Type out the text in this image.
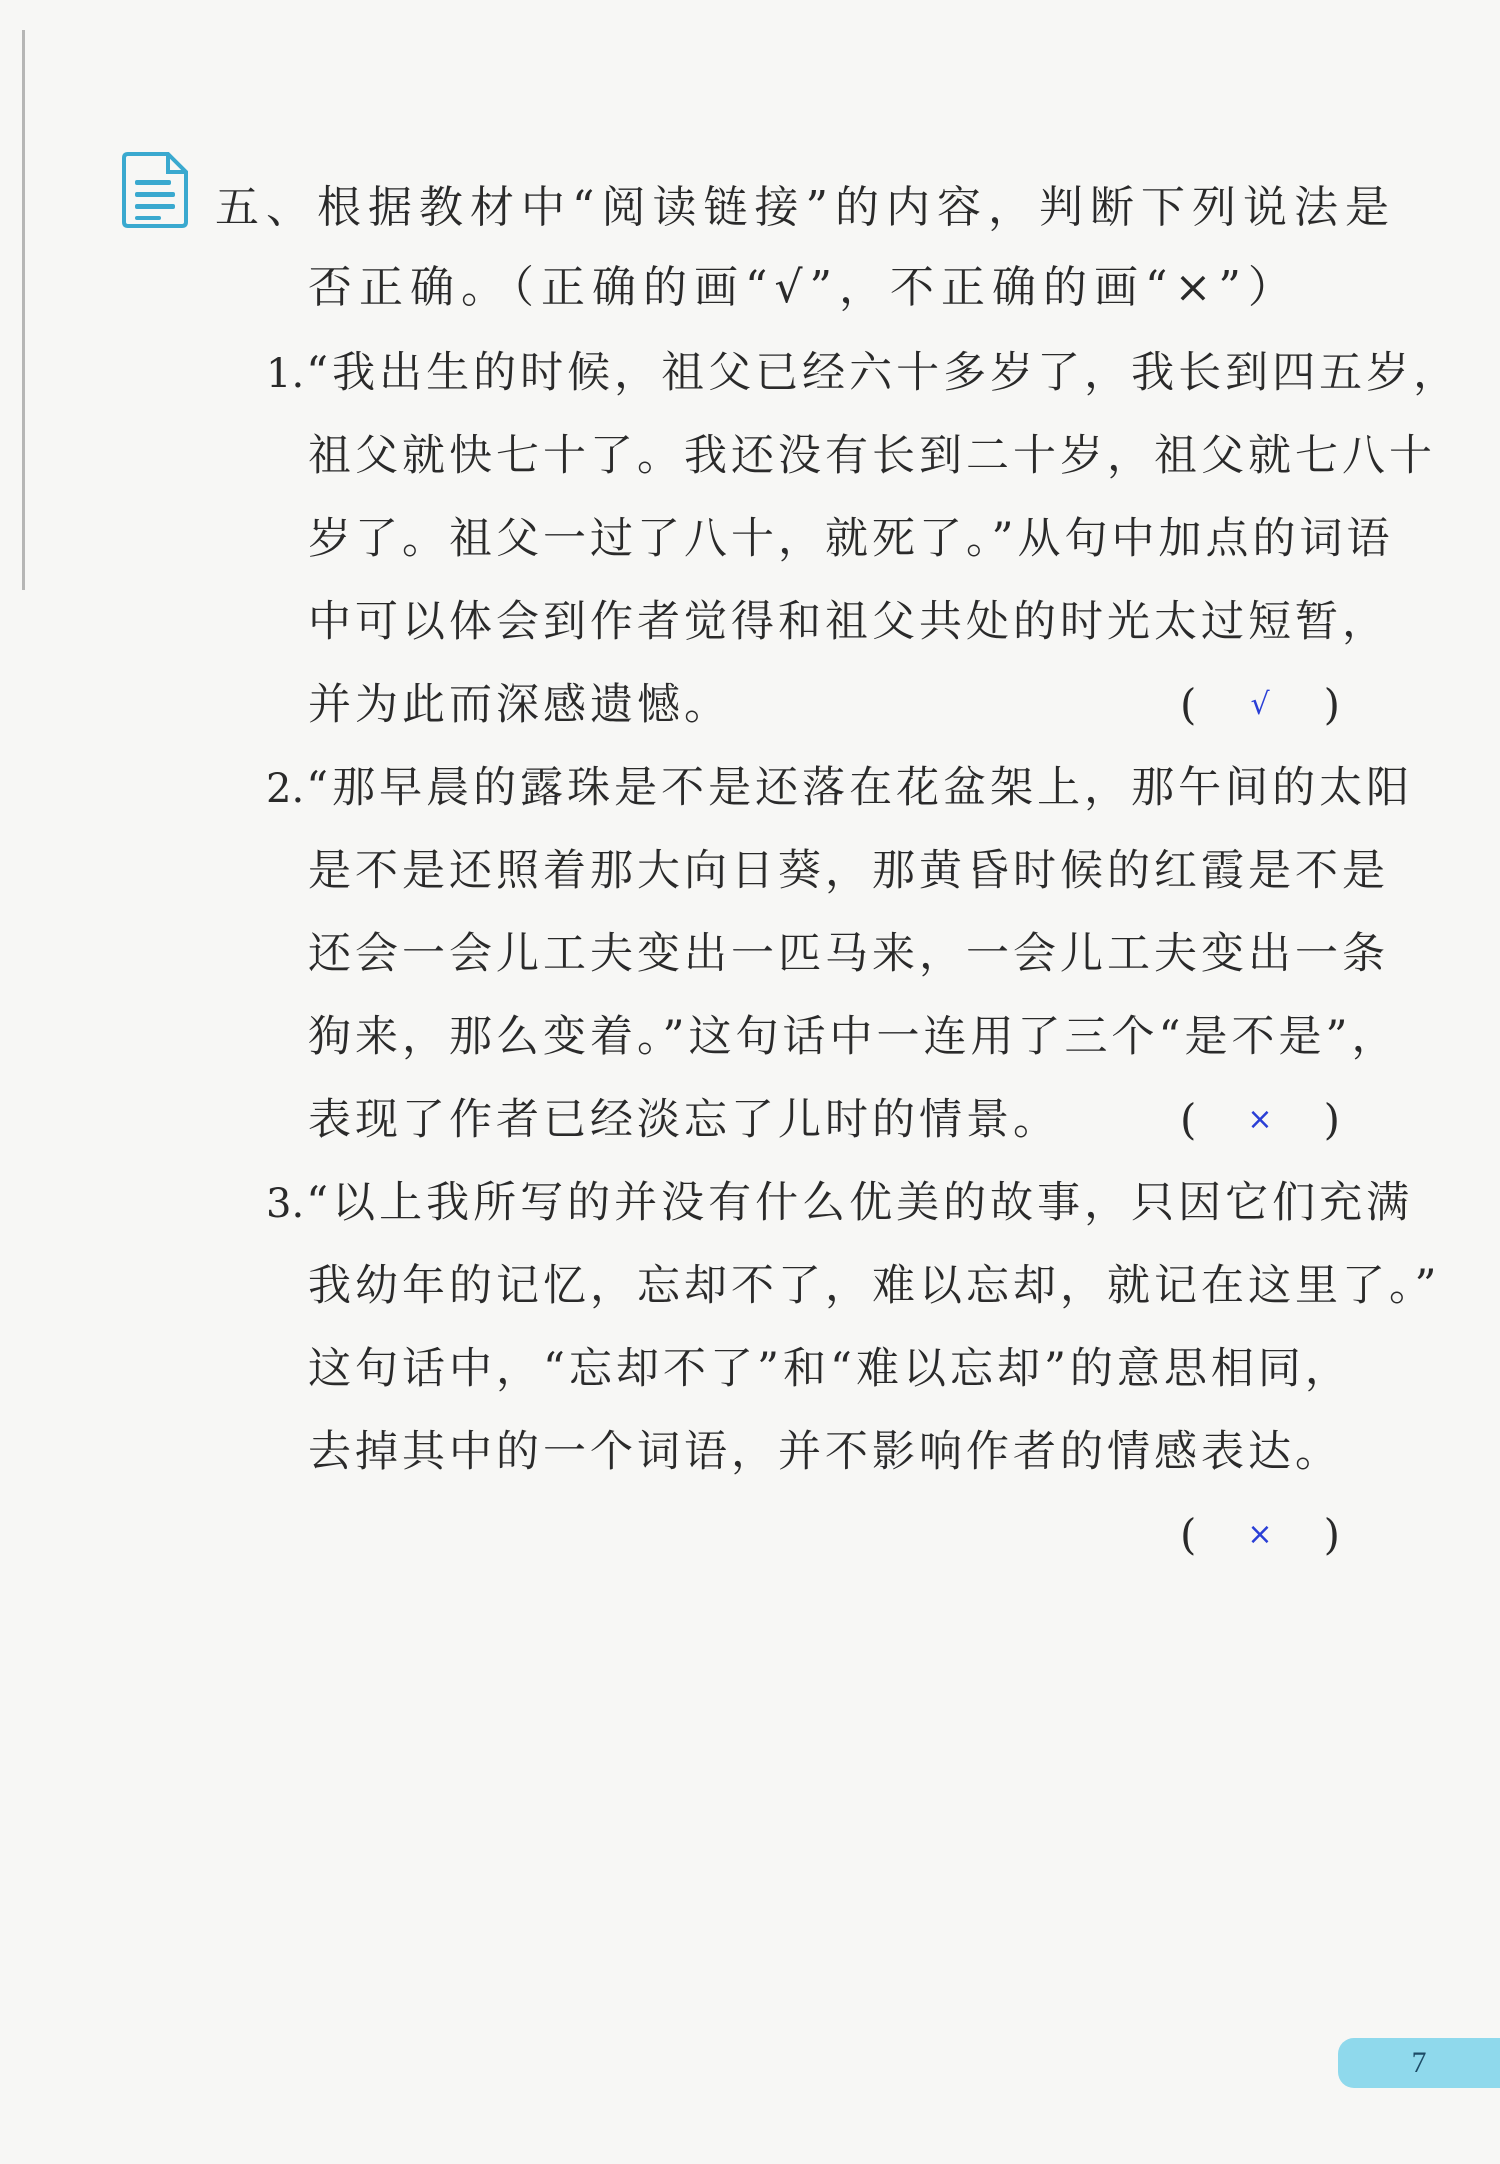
五、根据教材中“阅读链接”的内容，判断下列说法是
否正确。（正确的画“√”，不正确的画“×”）
1.“我出生的时候，祖父已经六十多岁了，我长到四五岁，
祖父就快七十了。我还没有长到二十岁，祖父就七八十
岁了。祖父一过了八十，就死了。”从句中加点的词语
中可以体会到作者觉得和祖父共处的时光太过短暂，
并为此而深感遗憾。	(	√	)
2.“那早晨的露珠是不是还落在花盆架上，那午间的太阳
是不是还照着那大向日葵，那黄昏时候的红霞是不是
还会一会儿工夫变出一匹马来，一会儿工夫变出一条
狗来，那么变着。”这句话中一连用了三个“是不是”，
表现了作者已经淡忘了儿时的情景。	(	×	)
3.“以上我所写的并没有什么优美的故事，只因它们充满
我幼年的记忆，忘却不了，难以忘却，就记在这里了。”
这句话中，“忘却不了”和“难以忘却”的意思相同，
去掉其中的一个词语，并不影响作者的情感表达。
(	×	)
7
